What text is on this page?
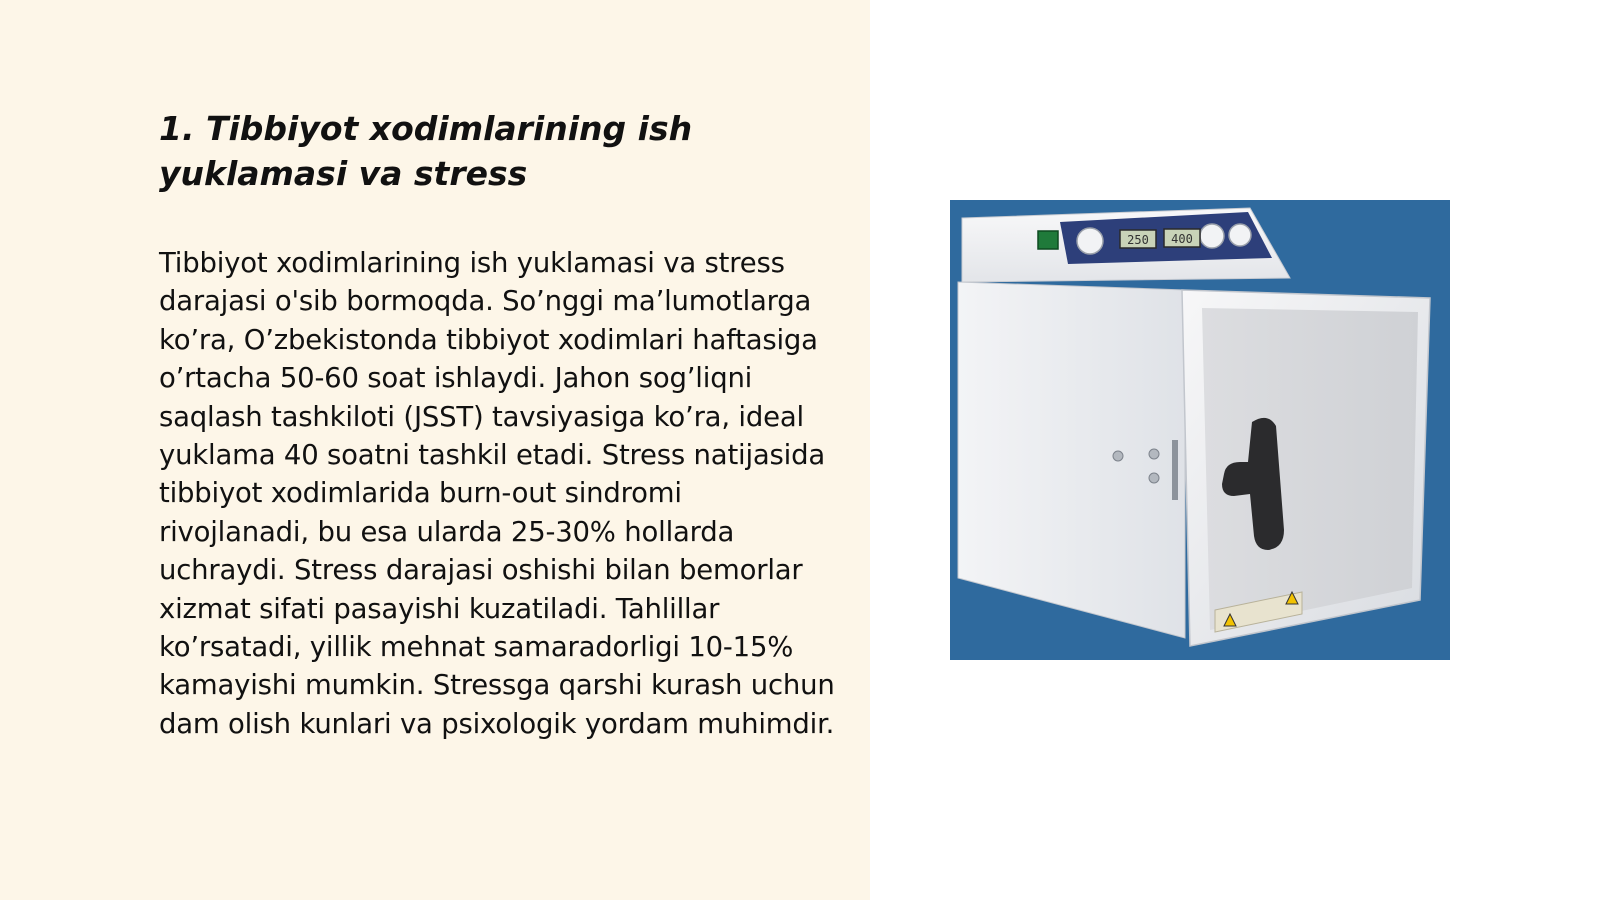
1. Tibbiyot xodimlarining ish yuklamasi va stress

Tibbiyot xodimlarining ish yuklamasi va stress darajasi o'sib bormoqda. So’nggi ma’lumotlarga ko’ra, O’zbekistonda tibbiyot xodimlari haftasiga o’rtacha 50-60 soat ishlaydi. Jahon sog’liqni saqlash tashkiloti (JSST) tavsiyasiga ko’ra, ideal yuklama 40 soatni tashkil etadi. Stress natijasida tibbiyot xodimlarida burn-out sindromi rivojlanadi, bu esa ularda 25-30% hollarda uchraydi. Stress darajasi oshishi bilan bemorlar xizmat sifati pasayishi kuzatiladi. Tahlillar ko’rsatadi, yillik mehnat samaradorligi 10-15% kamayishi mumkin. Stressga qarshi kurash uchun dam olish kunlari va psixologik yordam muhimdir.

250 400
